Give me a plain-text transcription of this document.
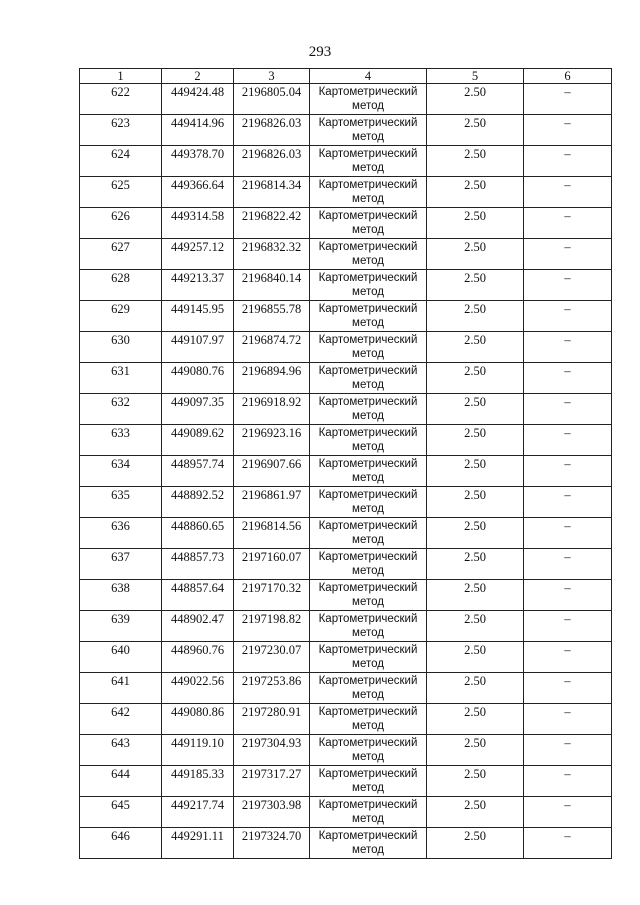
293
1	2	3	4	5	6
622	449424.48	2196805.04	Картометрический метод	2.50	–
623	449414.96	2196826.03	Картометрический метод	2.50	–
624	449378.70	2196826.03	Картометрический метод	2.50	–
625	449366.64	2196814.34	Картометрический метод	2.50	–
626	449314.58	2196822.42	Картометрический метод	2.50	–
627	449257.12	2196832.32	Картометрический метод	2.50	–
628	449213.37	2196840.14	Картометрический метод	2.50	–
629	449145.95	2196855.78	Картометрический метод	2.50	–
630	449107.97	2196874.72	Картометрический метод	2.50	–
631	449080.76	2196894.96	Картометрический метод	2.50	–
632	449097.35	2196918.92	Картометрический метод	2.50	–
633	449089.62	2196923.16	Картометрический метод	2.50	–
634	448957.74	2196907.66	Картометрический метод	2.50	–
635	448892.52	2196861.97	Картометрический метод	2.50	–
636	448860.65	2196814.56	Картометрический метод	2.50	–
637	448857.73	2197160.07	Картометрический метод	2.50	–
638	448857.64	2197170.32	Картометрический метод	2.50	–
639	448902.47	2197198.82	Картометрический метод	2.50	–
640	448960.76	2197230.07	Картометрический метод	2.50	–
641	449022.56	2197253.86	Картометрический метод	2.50	–
642	449080.86	2197280.91	Картометрический метод	2.50	–
643	449119.10	2197304.93	Картометрический метод	2.50	–
644	449185.33	2197317.27	Картометрический метод	2.50	–
645	449217.74	2197303.98	Картометрический метод	2.50	–
646	449291.11	2197324.70	Картометрический метод	2.50	–
